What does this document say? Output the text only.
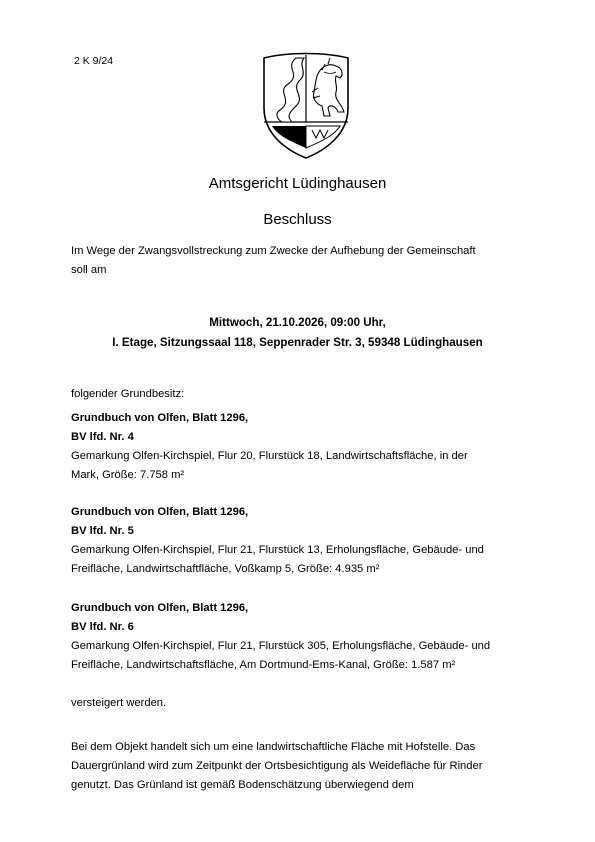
2 K 9/24
Amtsgericht Lüdinghausen
Beschluss
Im Wege der Zwangsvollstreckung zum Zwecke der Aufhebung der Gemeinschaft
soll am
Mittwoch, 21.10.2026, 09:00 Uhr,
I. Etage, Sitzungssaal 118, Seppenrader Str. 3, 59348 Lüdinghausen
folgender Grundbesitz:
Grundbuch von Olfen, Blatt 1296,
BV lfd. Nr. 4
Gemarkung Olfen-Kirchspiel, Flur 20, Flurstück 18, Landwirtschaftsfläche, in der
Mark, Größe: 7.758 m²
Grundbuch von Olfen, Blatt 1296,
BV lfd. Nr. 5
Gemarkung Olfen-Kirchspiel, Flur 21, Flurstück 13, Erholungsfläche, Gebäude- und
Freifläche, Landwirtschaftfläche, Voßkamp 5, Größe: 4.935 m²
Grundbuch von Olfen, Blatt 1296,
BV lfd. Nr. 6
Gemarkung Olfen-Kirchspiel, Flur 21, Flurstück 305, Erholungsfläche, Gebäude- und
Freifläche, Landwirtschaftsfläche, Am Dortmund-Ems-Kanal, Größe: 1.587 m²
versteigert werden.
Bei dem Objekt handelt sich um eine landwirtschaftliche Fläche mit Hofstelle. Das
Dauergrünland wird zum Zeitpunkt der Ortsbesichtigung als Weidefläche für Rinder
genutzt. Das Grünland ist gemäß Bodenschätzung überwiegend dem
